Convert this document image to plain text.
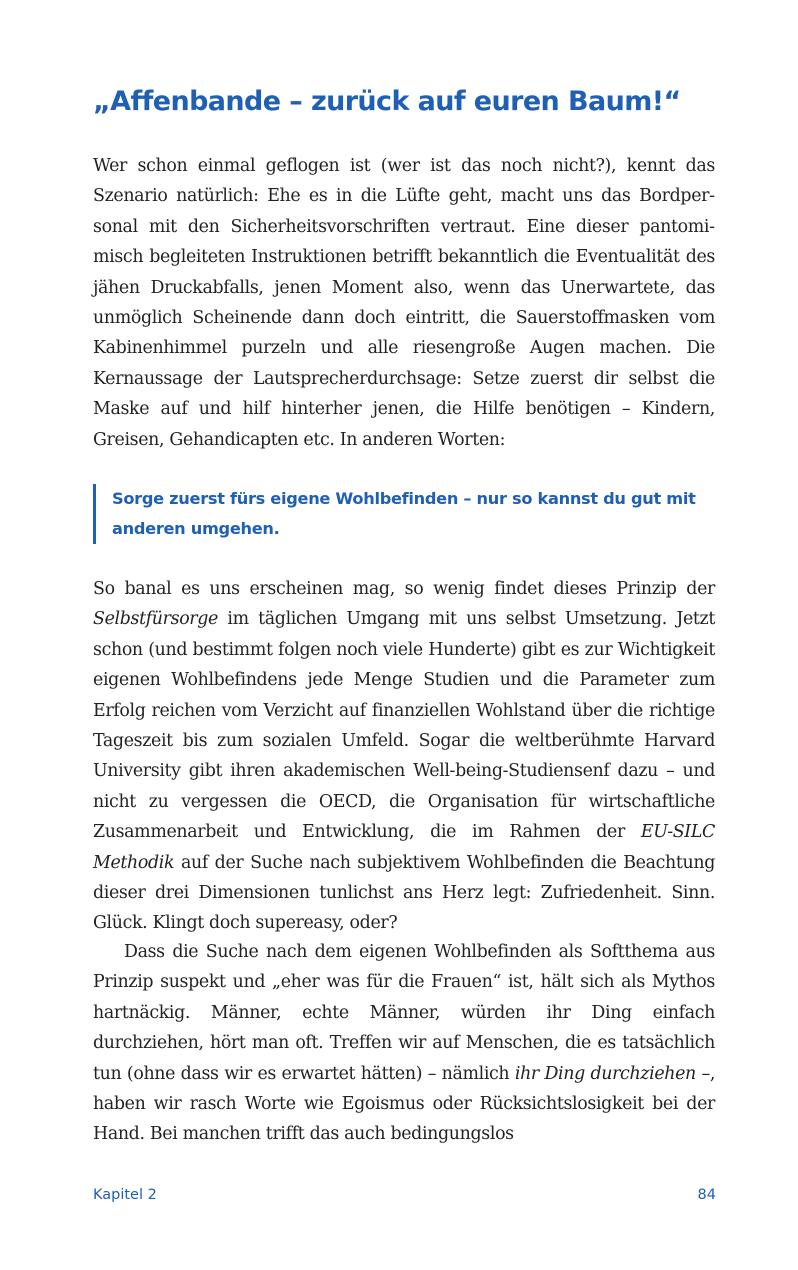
„Affenbande – zurück auf euren Baum!“

Wer schon einmal geflogen ist (wer ist das noch nicht?), kennt das Szenario natürlich: Ehe es in die Lüfte geht, macht uns das Bordpersonal mit den Sicherheitsvorschriften vertraut. Eine dieser pantomimisch begleiteten Instruktionen betrifft bekanntlich die Eventualität des jähen Druckabfalls, jenen Moment also, wenn das Unerwartete, das unmöglich Scheinende dann doch eintritt, die Sauerstoffmasken vom Kabinenhimmel purzeln und alle riesengroße Augen machen. Die Kernaussage der Lautsprecherdurchsage: Setze zuerst dir selbst die Maske auf und hilf hinterher jenen, die Hilfe benötigen – Kindern, Greisen, Gehandicapten etc. In anderen Worten:

Sorge zuerst fürs eigene Wohlbefinden – nur so kannst du gut mit anderen umgehen.

So banal es uns erscheinen mag, so wenig findet dieses Prinzip der Selbstfürsorge im täglichen Umgang mit uns selbst Umsetzung. Jetzt schon (und bestimmt folgen noch viele Hunderte) gibt es zur Wichtigkeit eigenen Wohlbefindens jede Menge Studien und die Parameter zum Erfolg reichen vom Verzicht auf finanziellen Wohlstand über die richtige Tageszeit bis zum sozialen Umfeld. Sogar die weltberühmte Harvard University gibt ihren akademischen Well-being-Studiensenf dazu – und nicht zu vergessen die OECD, die Organisation für wirtschaftliche Zusammenarbeit und Entwicklung, die im Rahmen der EU-SILC Methodik auf der Suche nach subjektivem Wohlbefinden die Beachtung dieser drei Dimensionen tunlichst ans Herz legt: Zufriedenheit. Sinn. Glück. Klingt doch supereasy, oder?

Dass die Suche nach dem eigenen Wohlbefinden als Softthema aus Prinzip suspekt und „eher was für die Frauen“ ist, hält sich als Mythos hartnäckig. Männer, echte Männer, würden ihr Ding einfach durchziehen, hört man oft. Treffen wir auf Menschen, die es tatsächlich tun (ohne dass wir es erwartet hätten) – nämlich ihr Ding durchziehen –, haben wir rasch Worte wie Egoismus oder Rücksichtslosigkeit bei der Hand. Bei manchen trifft das auch bedingungslos

Kapitel 2	84
